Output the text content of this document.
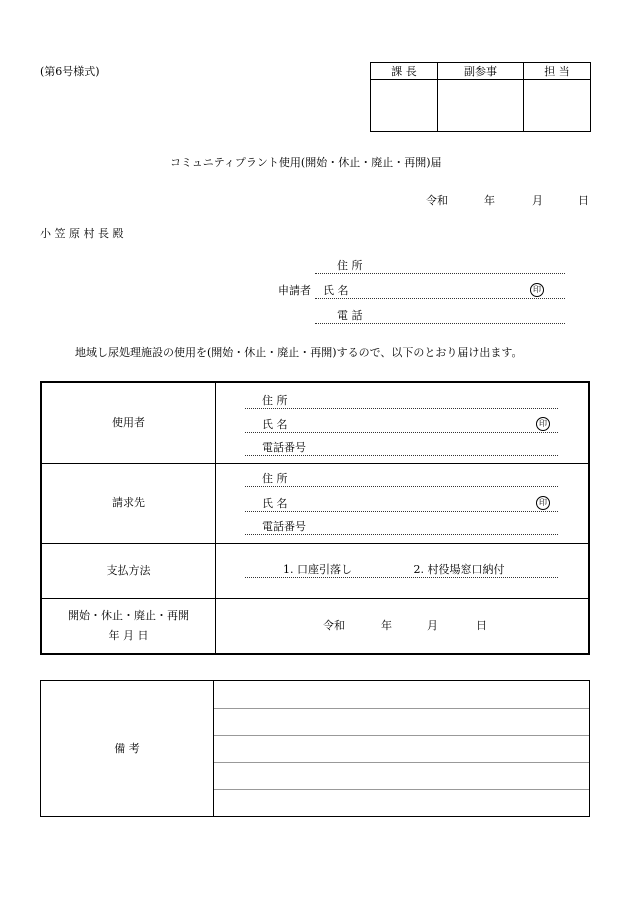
(第6号様式)	課 長	副参事	担 当

コミュニティプラント使用(開始・休止・廃止・再開)届
令和	年	月	日
小 笠 原 村 長 殿
住 所
申請者	氏 名	印
電 話
地域し尿処理施設の使用を(開始・休止・廃止・再開)するので、以下のとおり届け出ます。
使用者
住 所
氏 名	印
電話番号
請求先
住 所
氏 名	印
電話番号
支払方法	1. 口座引落し	2. 村役場窓口納付
開始・休止・廃止・再開
年 月 日
令和	年	月	日
備 考
